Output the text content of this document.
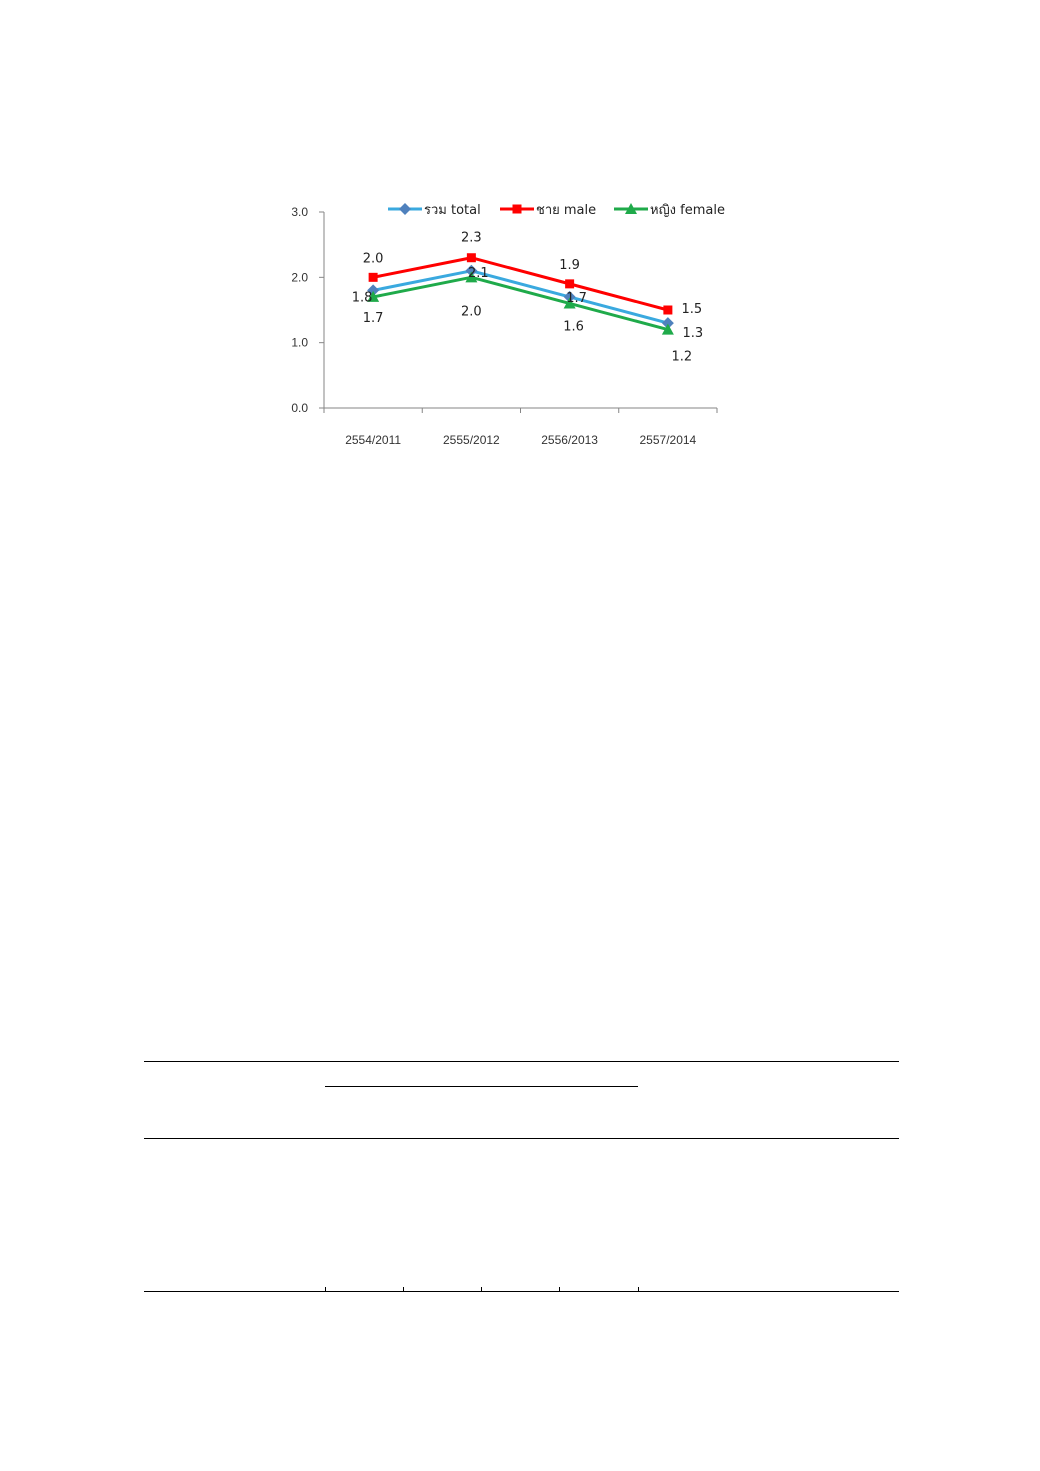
0.0
1.0
2.0
3.0
2554/2011	2555/2012	2556/2013	2557/2014
1.8
2.1
1.7
1.3
2.0
2.3
1.9
1.5
1.7	2.0
1.6
1.2
รวม total	ชาย male	หญิง female
